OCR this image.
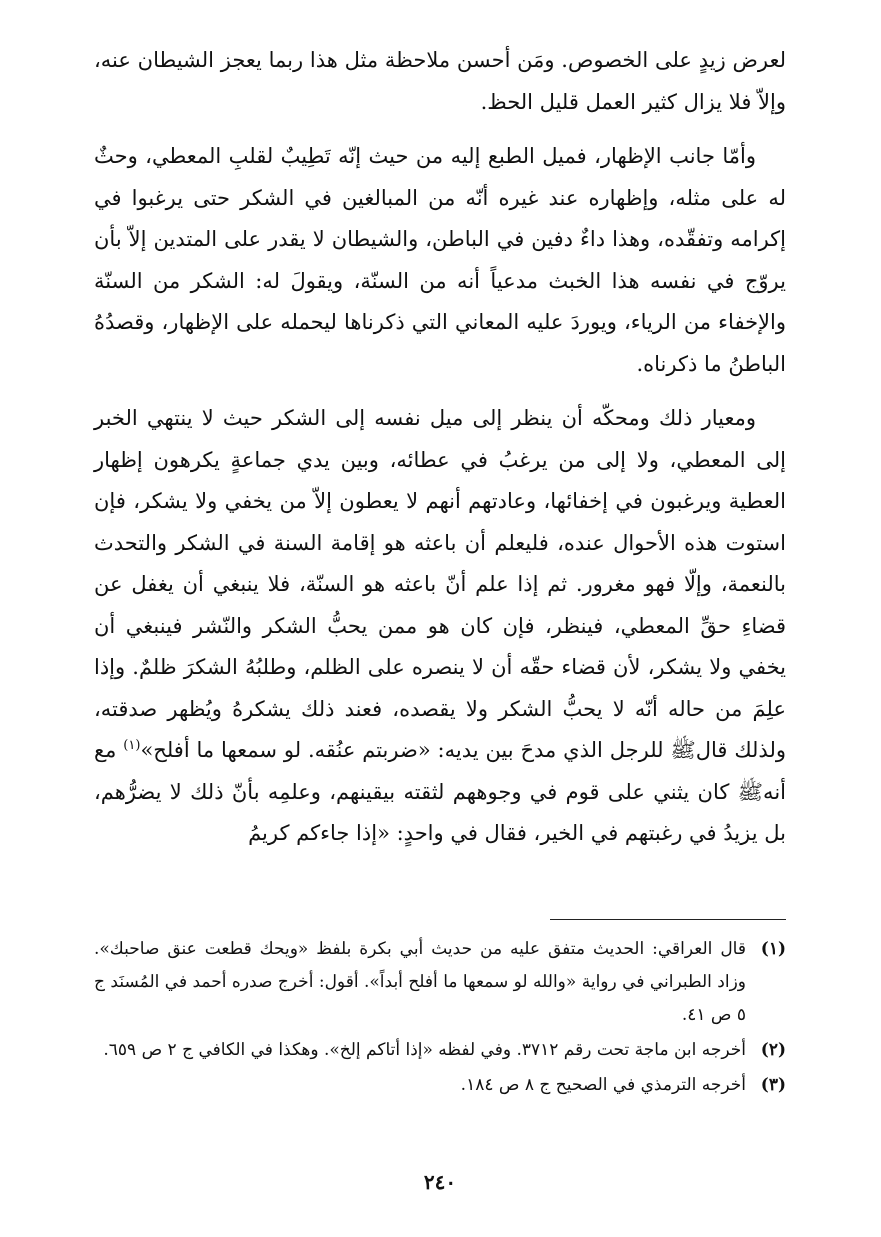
لعرض زيدٍ على الخصوص. ومَن أحسن ملاحظة مثل هذا ربما يعجز الشيطان عنه، وإلاّ فلا يزال كثير العمل قليل الحظ.

وأمّا جانب الإظهار، فميل الطبع إليه من حيث إنّه تَطِيبٌ لقلبِ المعطي، وحثٌ له على مثله، وإظهاره عند غيره أنّه من المبالغين في الشكر حتى يرغبوا في إكرامه وتفقّده، وهذا داءٌ دفين في الباطن، والشيطان لا يقدر على المتدين إلاّ بأن يروّج في نفسه هذا الخبث مدعياً أنه من السنّة، ويقولَ له: الشكر من السنّة والإخفاء من الرياء، ويوردَ عليه المعاني التي ذكرناها ليحمله على الإظهار، وقصدُهُ الباطنُ ما ذكرناه.

ومعيار ذلك ومحكّه أن ينظر إلى ميل نفسه إلى الشكر حيث لا ينتهي الخبر إلى المعطي، ولا إلى من يرغبُ في عطائه، وبين يدي جماعةٍ يكرهون إظهار العطية ويرغبون في إخفائها، وعادتهم أنهم لا يعطون إلاّ من يخفي ولا يشكر، فإن استوت هذه الأحوال عنده، فليعلم أن باعثه هو إقامة السنة في الشكر والتحدث بالنعمة، وإلّا فهو مغرور. ثم إذا علم أنّ باعثه هو السنّة، فلا ينبغي أن يغفل عن قضاءِ حقِّ المعطي، فينظر، فإن كان هو ممن يحبُّ الشكر والنّشر فينبغي أن يخفي ولا يشكر، لأن قضاء حقّه أن لا ينصره على الظلم، وطلبُهُ الشكرَ ظلمٌ. وإذا علِمَ من حاله أنّه لا يحبُّ الشكر ولا يقصده، فعند ذلك يشكرهُ ويُظهر صدقته، ولذلك قالﷺ للرجل الذي مدحَ بين يديه: «ضربتم عنُقه. لو سمعها ما أفلح»$^{(١)}$ مع أنهﷺ كان يثني على قوم في وجوههم لثقته بيقينهم، وعلمِه بأنّ ذلك لا يضرُّهم، بل يزيدُ في رغبتهم في الخير، فقال في واحدٍ: «إذا جاءكم كريمُ

(١)
قال العراقي: الحديث متفق عليه من حديث أبي بكرة بلفظ «ويحك قطعت عنق صاحبك». وزاد الطبراني في رواية «والله لو سمعها ما أفلح أبداً». أقول: أخرج صدره أحمد في المُسنَد ج ٥ ص ٤١.
(٢)
أخرجه ابن ماجة تحت رقم ٣٧١٢. وفي لفظه «إذا أتاكم إلخ». وهكذا في الكافي ج ٢ ص ٦٥٩.
(٣)
أخرجه الترمذي في الصحيح ج ٨ ص ١٨٤.
٢٤٠
